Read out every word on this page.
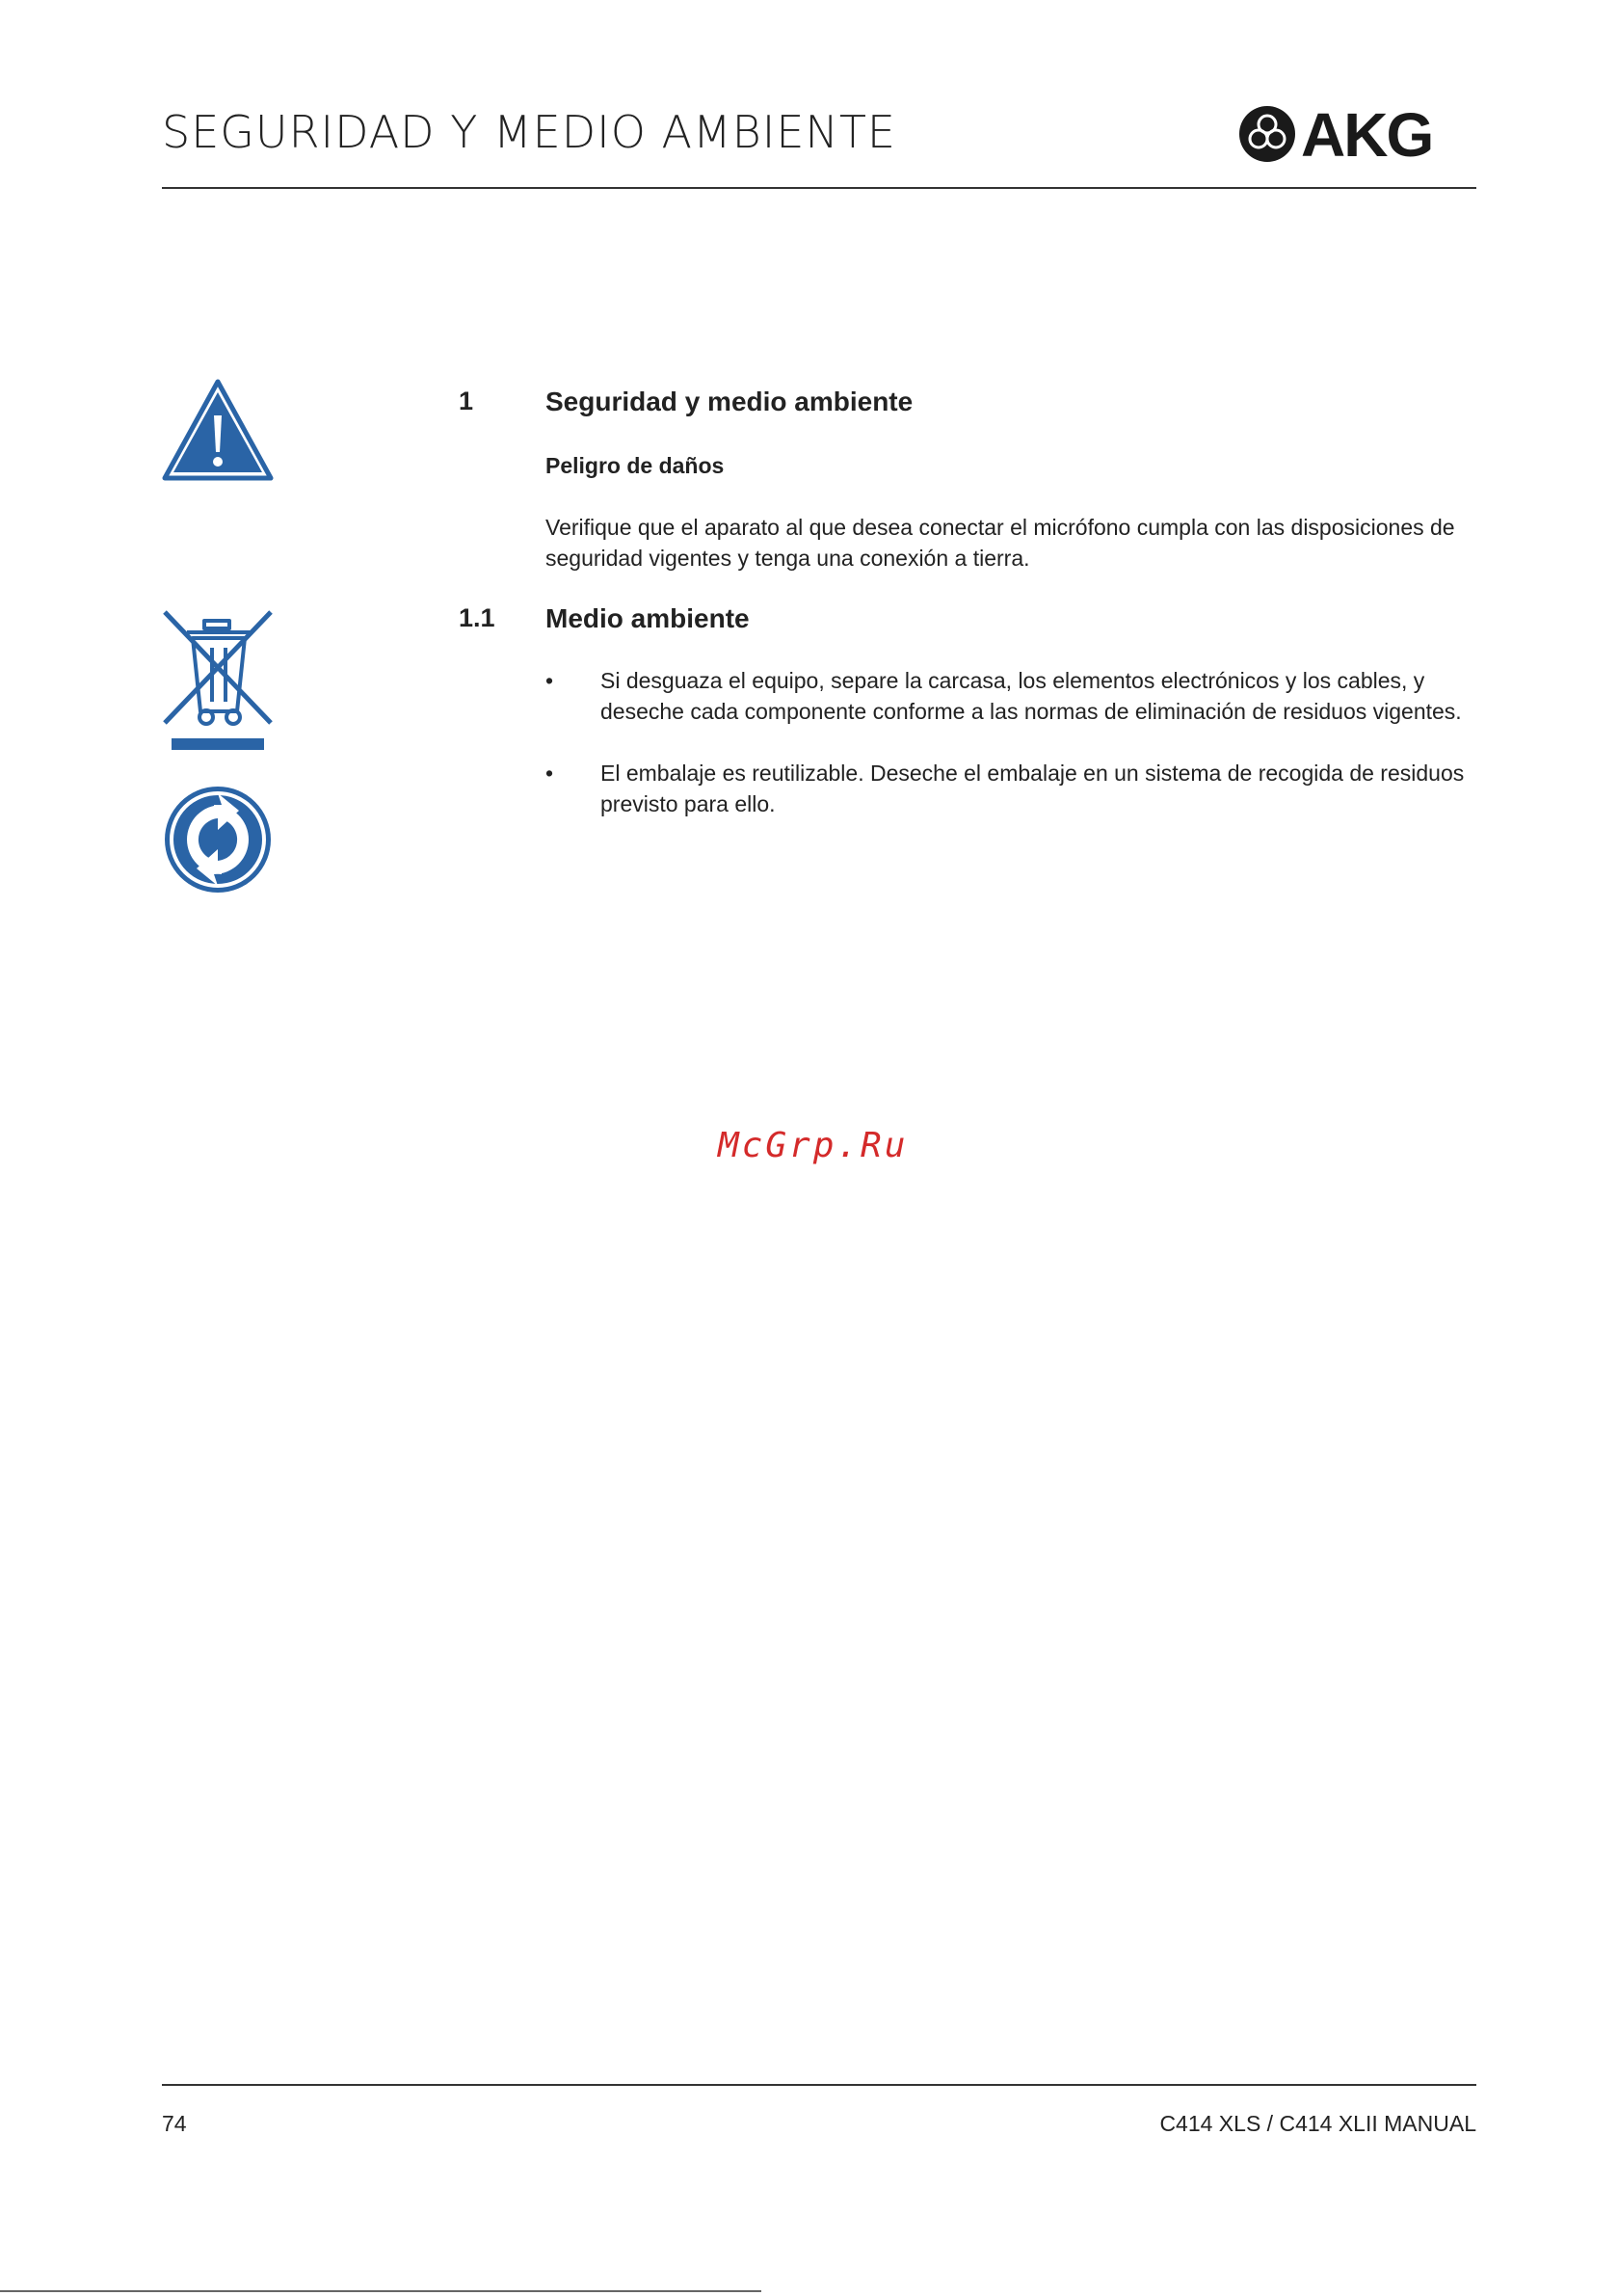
SEGURIDAD Y MEDIO AMBIENTE	AKG
1	Seguridad y medio ambiente
Peligro de daños
Verifique que el aparato al que desea conectar el micrófono cumpla con las disposiciones de seguridad vigentes y tenga una conexión a tierra.
1.1 Medio ambiente
• Si desguaza el equipo, separe la carcasa, los elementos electrónicos y los cables, y deseche cada componente conforme a las normas de eliminación de residuos vigentes.
• El embalaje es reutilizable. Deseche el embalaje en un sistema de recogida de residuos previsto para ello.
McGrp.Ru
74	C414 XLS / C414 XLII MANUAL
